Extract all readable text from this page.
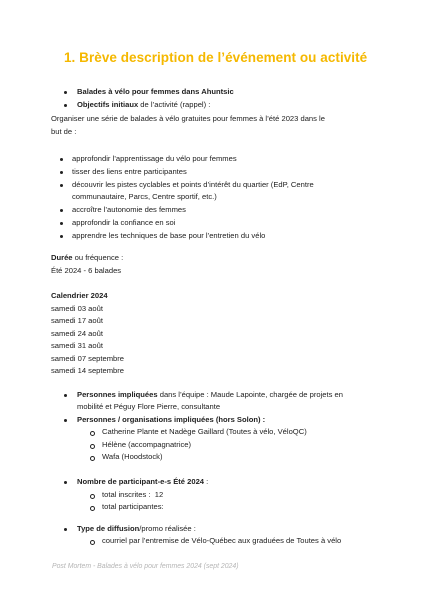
1. Brève description de l’événement ou activité
Balades à vélo pour femmes dans Ahuntsic
Objectifs initiaux de l’activité (rappel) :
Organiser une série de balades à vélo gratuites pour femmes à l’été 2023 dans le
but de :
approfondir l’apprentissage du vélo pour femmes
tisser des liens entre participantes
découvrir les pistes cyclables et points d’intérêt du quartier (EdP, Centre
communautaire, Parcs, Centre sportif, etc.)
accroître l’autonomie des femmes
approfondir la confiance en soi
apprendre les techniques de base pour l’entretien du vélo
Durée ou fréquence :
Été 2024 - 6 balades
Calendrier 2024
samedi 03 août
samedi 17 août
samedi 24 août
samedi 31 août
samedi 07 septembre
samedi 14 septembre
Personnes impliquées dans l’équipe : Maude Lapointe, chargée de projets en
mobilité et Péguy Flore Pierre, consultante
Personnes / organisations impliquées (hors Solon) :
Catherine Plante et Nadège Gaillard (Toutes à vélo, VéloQC)
Hélène (accompagnatrice)
Wafa (Hoodstock)
Nombre de participant-e-s Été 2024 :
total inscrites :  12
total participantes:
Type de diffusion/promo réalisée :
courriel par l’entremise de Vélo-Québec aux graduées de Toutes à vélo
Post Mortem - Balades à vélo pour femmes 2024 (sept 2024)
